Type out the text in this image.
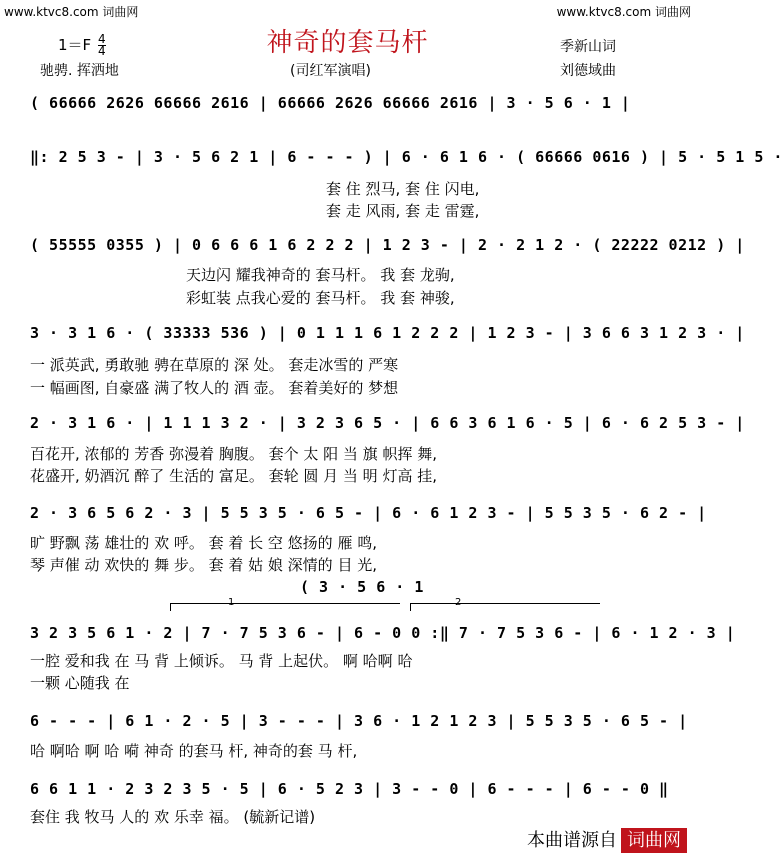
www.ktvc8.com 词曲网	www.ktvc8.com 词曲网
神奇的套马杆
$1=F \frac{4}{4}$
驰骋. 挥洒地	(司红军演唱)
季新山词
刘德域曲
( 66666 2626 66666 2616 | 66666 2626 66666 2616 | 3 · 5 6 · 1 |
‖: 2 5 3 - | 3 · 5 6 2 1 | 6 - - - ) | 6 · 6 1 6 · ( 66666 0616 ) | 5 · 5 1 5 ·
套 住 烈马, 套 住 闪电,
套 走 风雨, 套 走 雷霆,
( 55555 0355 ) | 0 6 6 6 1 6 2 2 2 | 1 2 3 - | 2 · 2 1 2 · ( 22222 0212 ) |
天边闪 耀我神奇的 套马杆。 我 套 龙驹,
彩虹装 点我心爱的 套马杆。 我 套 神骏,
3 · 3 1 6 · ( 33333 536 ) | 0 1 1 1 6 1 2 2 2 | 1 2 3 - | 3 6 6 3 1 2 3 · |
一 派英武, 勇敢驰 骋在草原的 深 处。 套走冰雪的 严寒
一 幅画图, 自豪盛 满了牧人的 酒 壶。 套着美好的 梦想
2 · 3 1 6 · | 1 1 1 3 2 · | 3 2 3 6 5 · | 6 6 3 6 1 6 · 5 | 6 · 6 2 5 3 - |
百花开, 浓郁的 芳香 弥漫着 胸腹。 套个 太 阳 当 旗 帜挥 舞,
花盛开, 奶酒沉 醉了 生活的 富足。 套轮 圆 月 当 明 灯高 挂,
2 · 3 6 5 6 2 · 3 | 5 5 3 5 · 6 5 - | 6 · 6 1 2 3 - | 5 5 3 5 · 6 2 - |
旷 野飘 荡 雄壮的 欢 呼。 套 着 长 空 悠扬的 雁 鸣,
琴 声催 动 欢快的 舞 步。 套 着 姑 娘 深情的 目 光,
( 3 · 5 6 · 1
1	2
3 2 3 5 6 1 · 2 | 7 · 7 5 3 6 - | 6 - 0 0 :‖ 7 · 7 5 3 6 - | 6 · 1 2 · 3 |
一腔 爱和我 在 马 背 上倾诉。 马 背 上起伏。 啊 哈啊 哈
一颗 心随我 在
6 - - - | 6 1 · 2 · 5 | 3 - - - | 3 6 · 1 2 1 2 3 | 5 5 3 5 · 6 5 - |
哈 啊哈 啊 哈 嗬 神奇 的套马 杆, 神奇的套 马 杆,
6 6 1 1 · 2 3 2 3 5 · 5 | 6 · 5 2 3 | 3 - - 0 | 6 - - - | 6 - - 0 ‖
套住 我 牧马 人的 欢 乐幸 福。 (毓新记谱)
本曲谱源自 词曲网
